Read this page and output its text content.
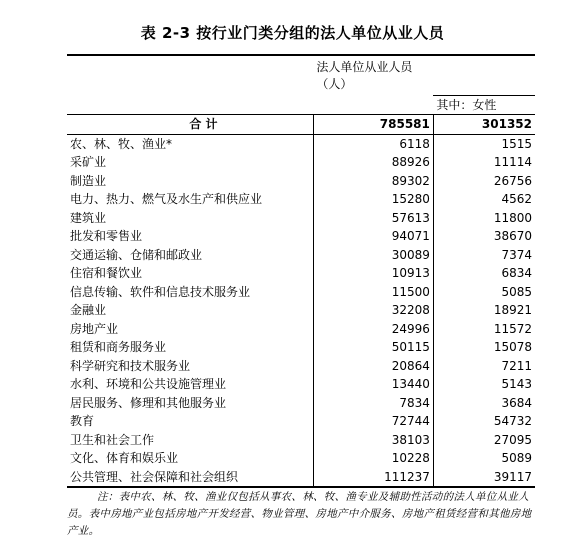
表 2-3 按行业门类分组的法人单位从业人员
	法人单位从业人员（人）	
		其中：女性
合 计	785581	301352
农、林、牧、渔业*	6118	1515
采矿业	88926	11114
制造业	89302	26756
电力、热力、燃气及水生产和供应业	15280	4562
建筑业	57613	11800
批发和零售业	94071	38670
交通运输、仓储和邮政业	30089	7374
住宿和餐饮业	10913	6834
信息传输、软件和信息技术服务业	11500	5085
金融业	32208	18921
房地产业	24996	11572
租赁和商务服务业	50115	15078
科学研究和技术服务业	20864	7211
水利、环境和公共设施管理业	13440	5143
居民服务、修理和其他服务业	7834	3684
教育	72744	54732
卫生和社会工作	38103	27095
文化、体育和娱乐业	10228	5089
公共管理、社会保障和社会组织	111237	39117
注：表中农、林、牧、渔业仅包括从事农、林、牧、渔专业及辅助性活动的法人单位从业人员。表中房地产业包括房地产开发经营、物业管理、房地产中介服务、房地产租赁经营和其他房地产业。
